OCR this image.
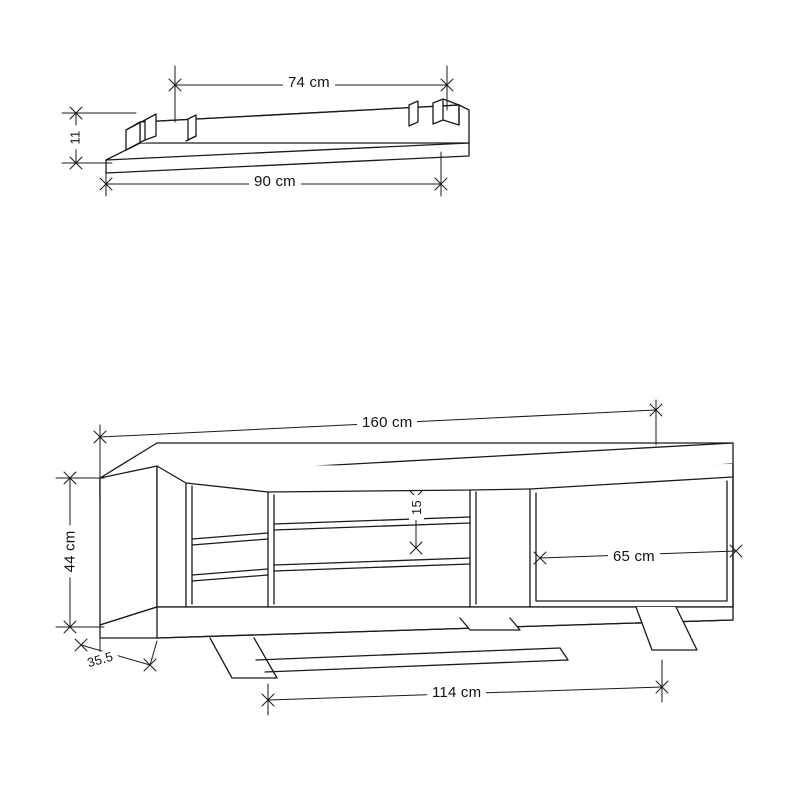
74 cm
90 cm
11
160 cm
44 cm
35.5
15
65 cm
114 cm
